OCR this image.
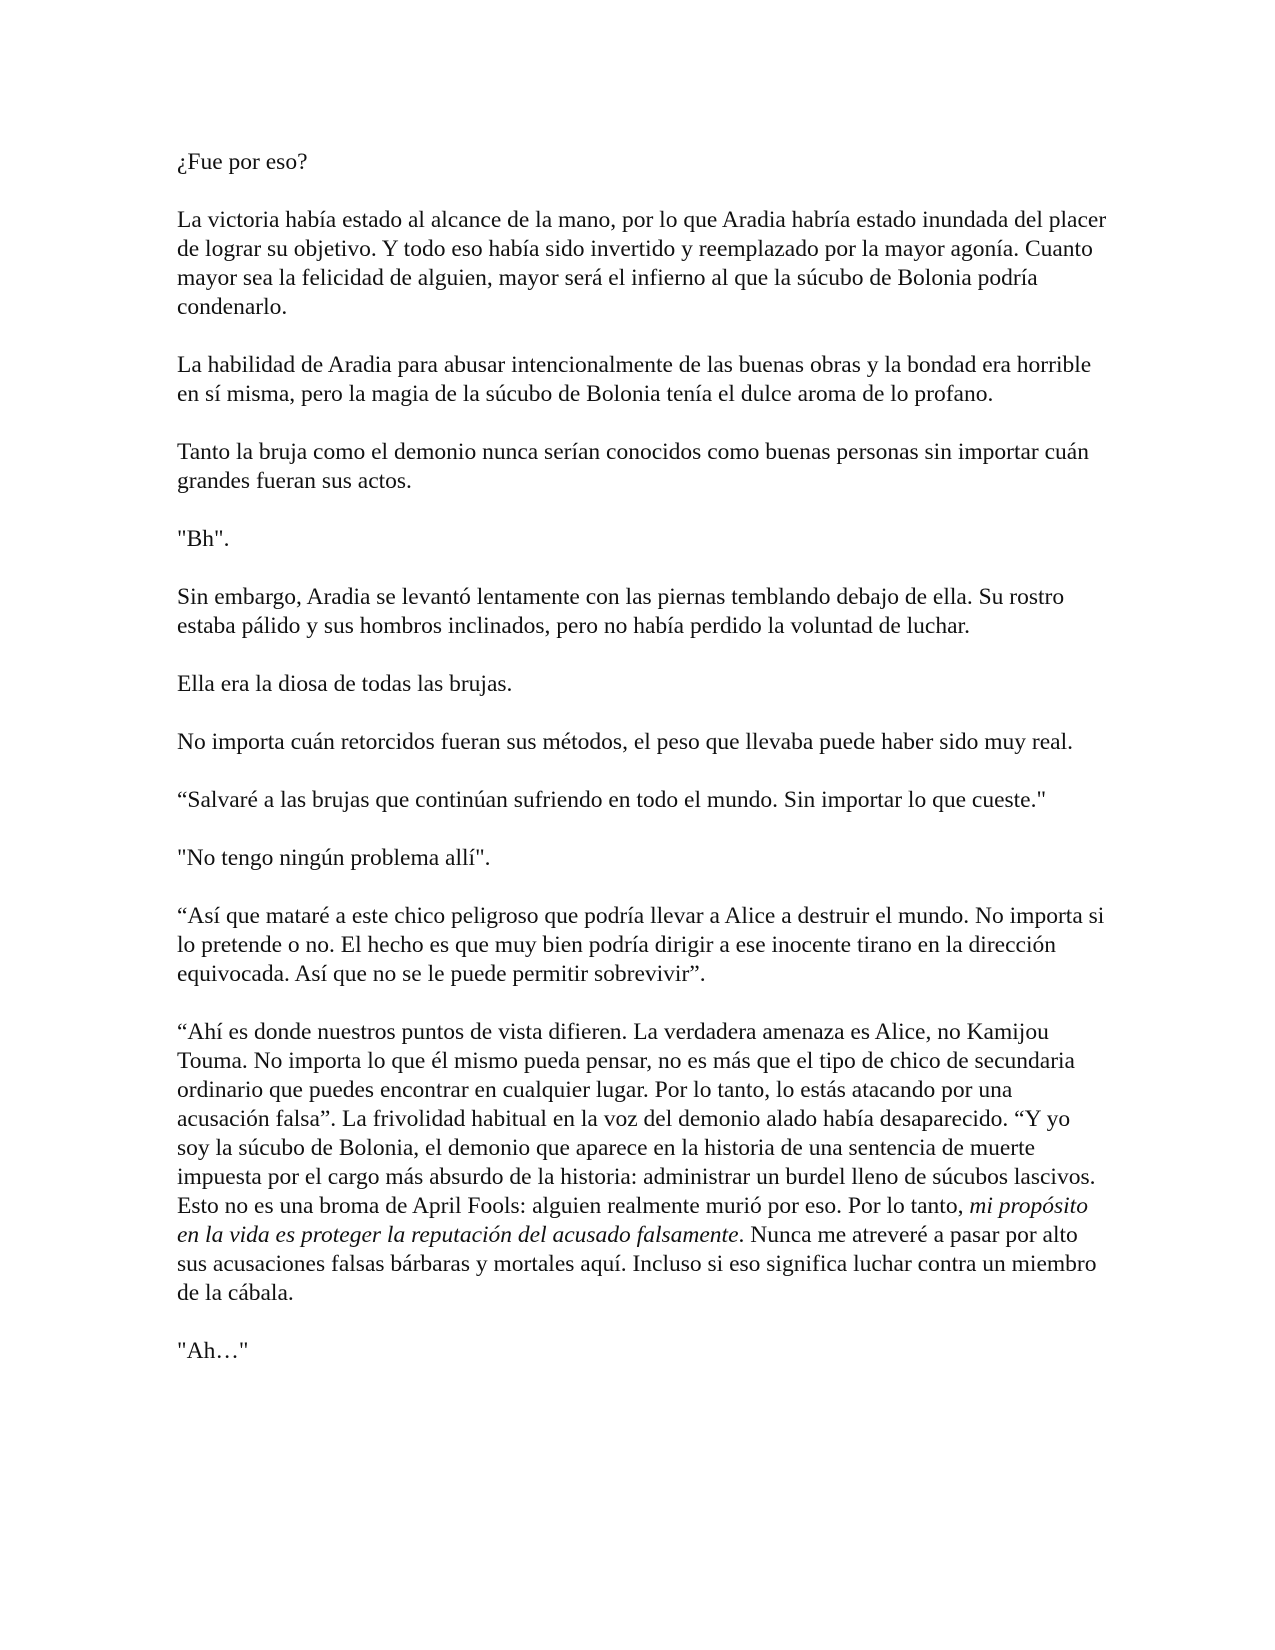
¿Fue por eso?

La victoria había estado al alcance de la mano, por lo que Aradia habría estado inundada del placer de lograr su objetivo. Y todo eso había sido invertido y reemplazado por la mayor agonía. Cuanto mayor sea la felicidad de alguien, mayor será el infierno al que la súcubo de Bolonia podría condenarlo.

La habilidad de Aradia para abusar intencionalmente de las buenas obras y la bondad era horrible en sí misma, pero la magia de la súcubo de Bolonia tenía el dulce aroma de lo profano.

Tanto la bruja como el demonio nunca serían conocidos como buenas personas sin importar cuán grandes fueran sus actos.

"Bh".

Sin embargo, Aradia se levantó lentamente con las piernas temblando debajo de ella. Su rostro estaba pálido y sus hombros inclinados, pero no había perdido la voluntad de luchar.

Ella era la diosa de todas las brujas.

No importa cuán retorcidos fueran sus métodos, el peso que llevaba puede haber sido muy real.

“Salvaré a las brujas que continúan sufriendo en todo el mundo. Sin importar lo que cueste."

"No tengo ningún problema allí".

“Así que mataré a este chico peligroso que podría llevar a Alice a destruir el mundo. No importa si lo pretende o no. El hecho es que muy bien podría dirigir a ese inocente tirano en la dirección equivocada. Así que no se le puede permitir sobrevivir”.

“Ahí es donde nuestros puntos de vista difieren. La verdadera amenaza es Alice, no Kamijou Touma. No importa lo que él mismo pueda pensar, no es más que el tipo de chico de secundaria ordinario que puedes encontrar en cualquier lugar. Por lo tanto, lo estás atacando por una acusación falsa”. La frivolidad habitual en la voz del demonio alado había desaparecido. “Y yo soy la súcubo de Bolonia, el demonio que aparece en la historia de una sentencia de muerte impuesta por el cargo más absurdo de la historia: administrar un burdel lleno de súcubos lascivos. Esto no es una broma de April Fools: alguien realmente murió por eso. Por lo tanto, mi propósito en la vida es proteger la reputación del acusado falsamente. Nunca me atreveré a pasar por alto sus acusaciones falsas bárbaras y mortales aquí. Incluso si eso significa luchar contra un miembro de la cábala.

"Ah…"
